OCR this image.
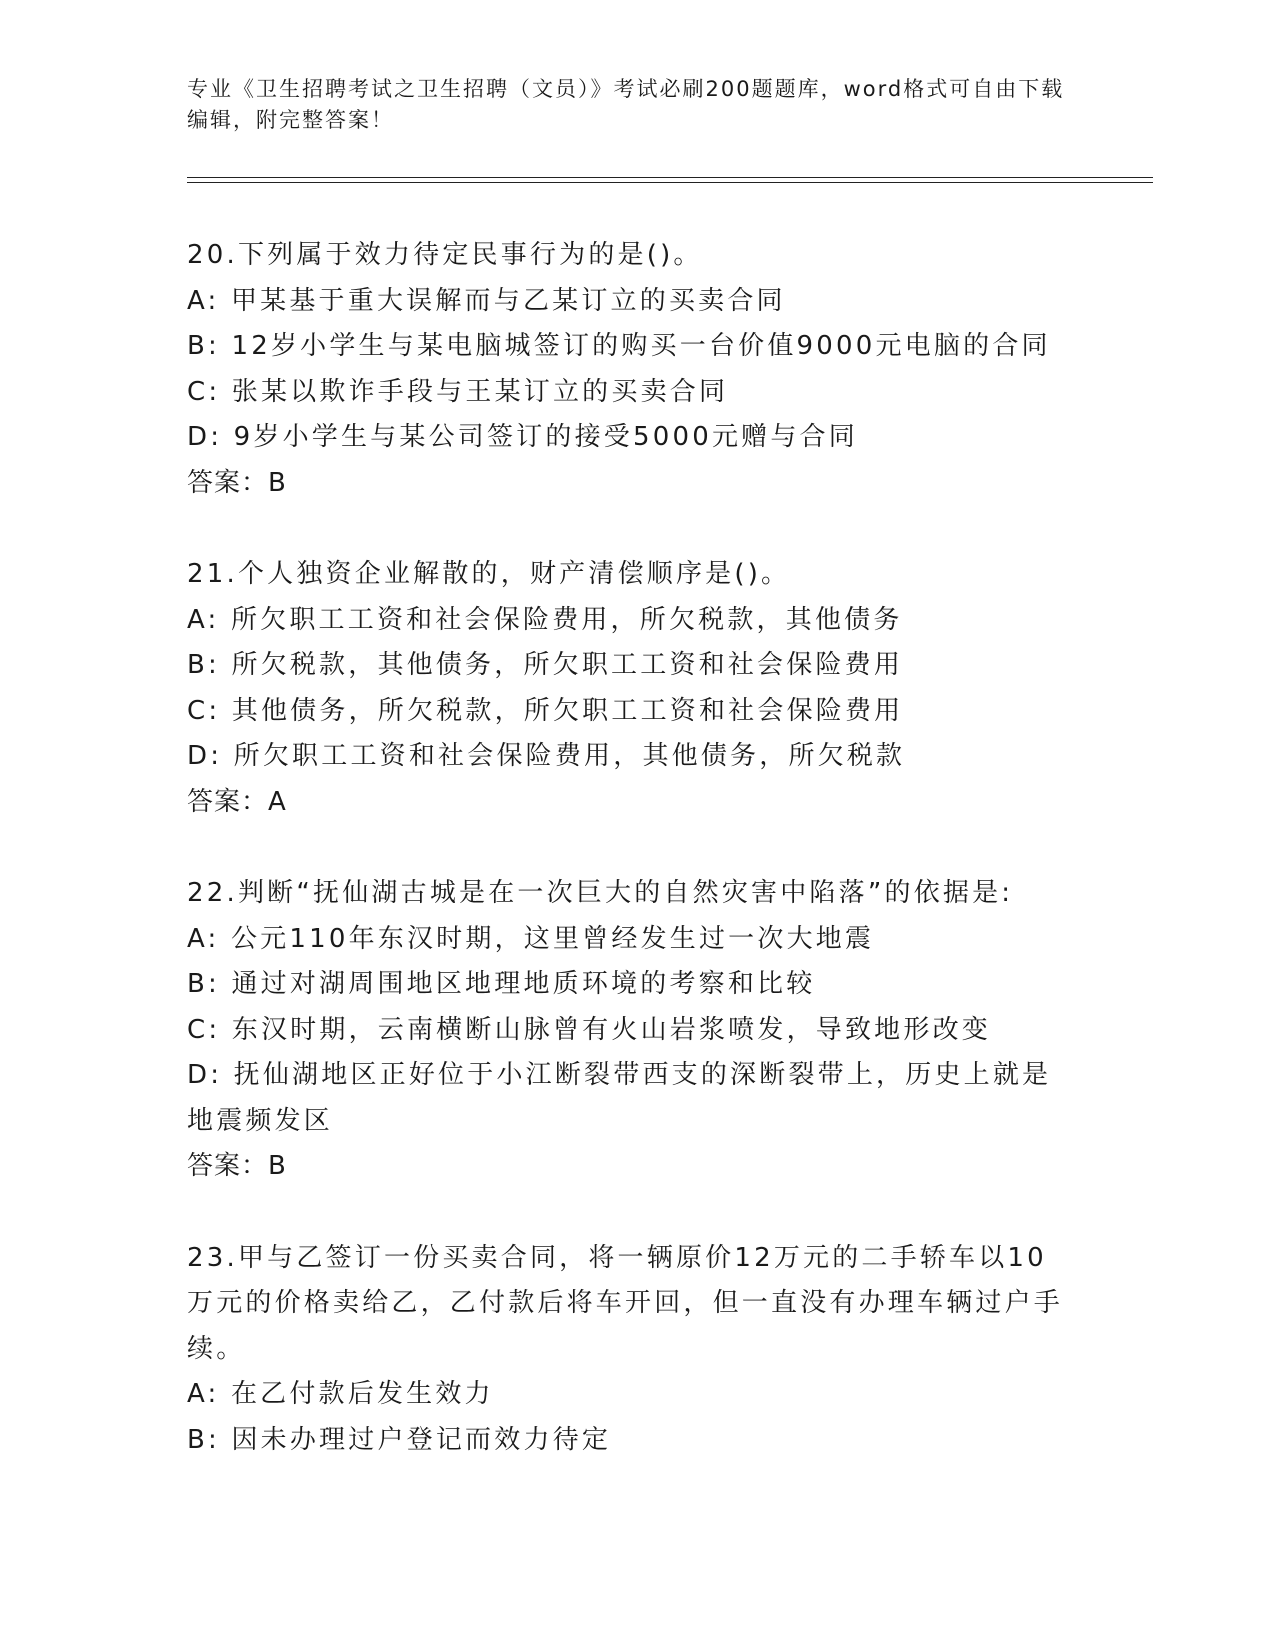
专业《卫生招聘考试之卫生招聘（文员）》考试必刷200题题库，word格式可自由下载编辑，附完整答案！
20.下列属于效力待定民事行为的是()。
A: 甲某基于重大误解而与乙某订立的买卖合同
B: 12岁小学生与某电脑城签订的购买一台价值9000元电脑的合同
C: 张某以欺诈手段与王某订立的买卖合同
D: 9岁小学生与某公司签订的接受5000元赠与合同
答案：B
21.个人独资企业解散的，财产清偿顺序是()。
A: 所欠职工工资和社会保险费用，所欠税款，其他债务
B: 所欠税款，其他债务，所欠职工工资和社会保险费用
C: 其他债务，所欠税款，所欠职工工资和社会保险费用
D: 所欠职工工资和社会保险费用，其他债务，所欠税款
答案：A
22.判断“抚仙湖古城是在一次巨大的自然灾害中陷落”的依据是:
A: 公元110年东汉时期，这里曾经发生过一次大地震
B: 通过对湖周围地区地理地质环境的考察和比较
C: 东汉时期，云南横断山脉曾有火山岩浆喷发，导致地形改变
D: 抚仙湖地区正好位于小江断裂带西支的深断裂带上，历史上就是地震频发区
答案：B
23.甲与乙签订一份买卖合同，将一辆原价12万元的二手轿车以10万元的价格卖给乙，乙付款后将车开回，但一直没有办理车辆过户手续。
A: 在乙付款后发生效力
B: 因未办理过户登记而效力待定
